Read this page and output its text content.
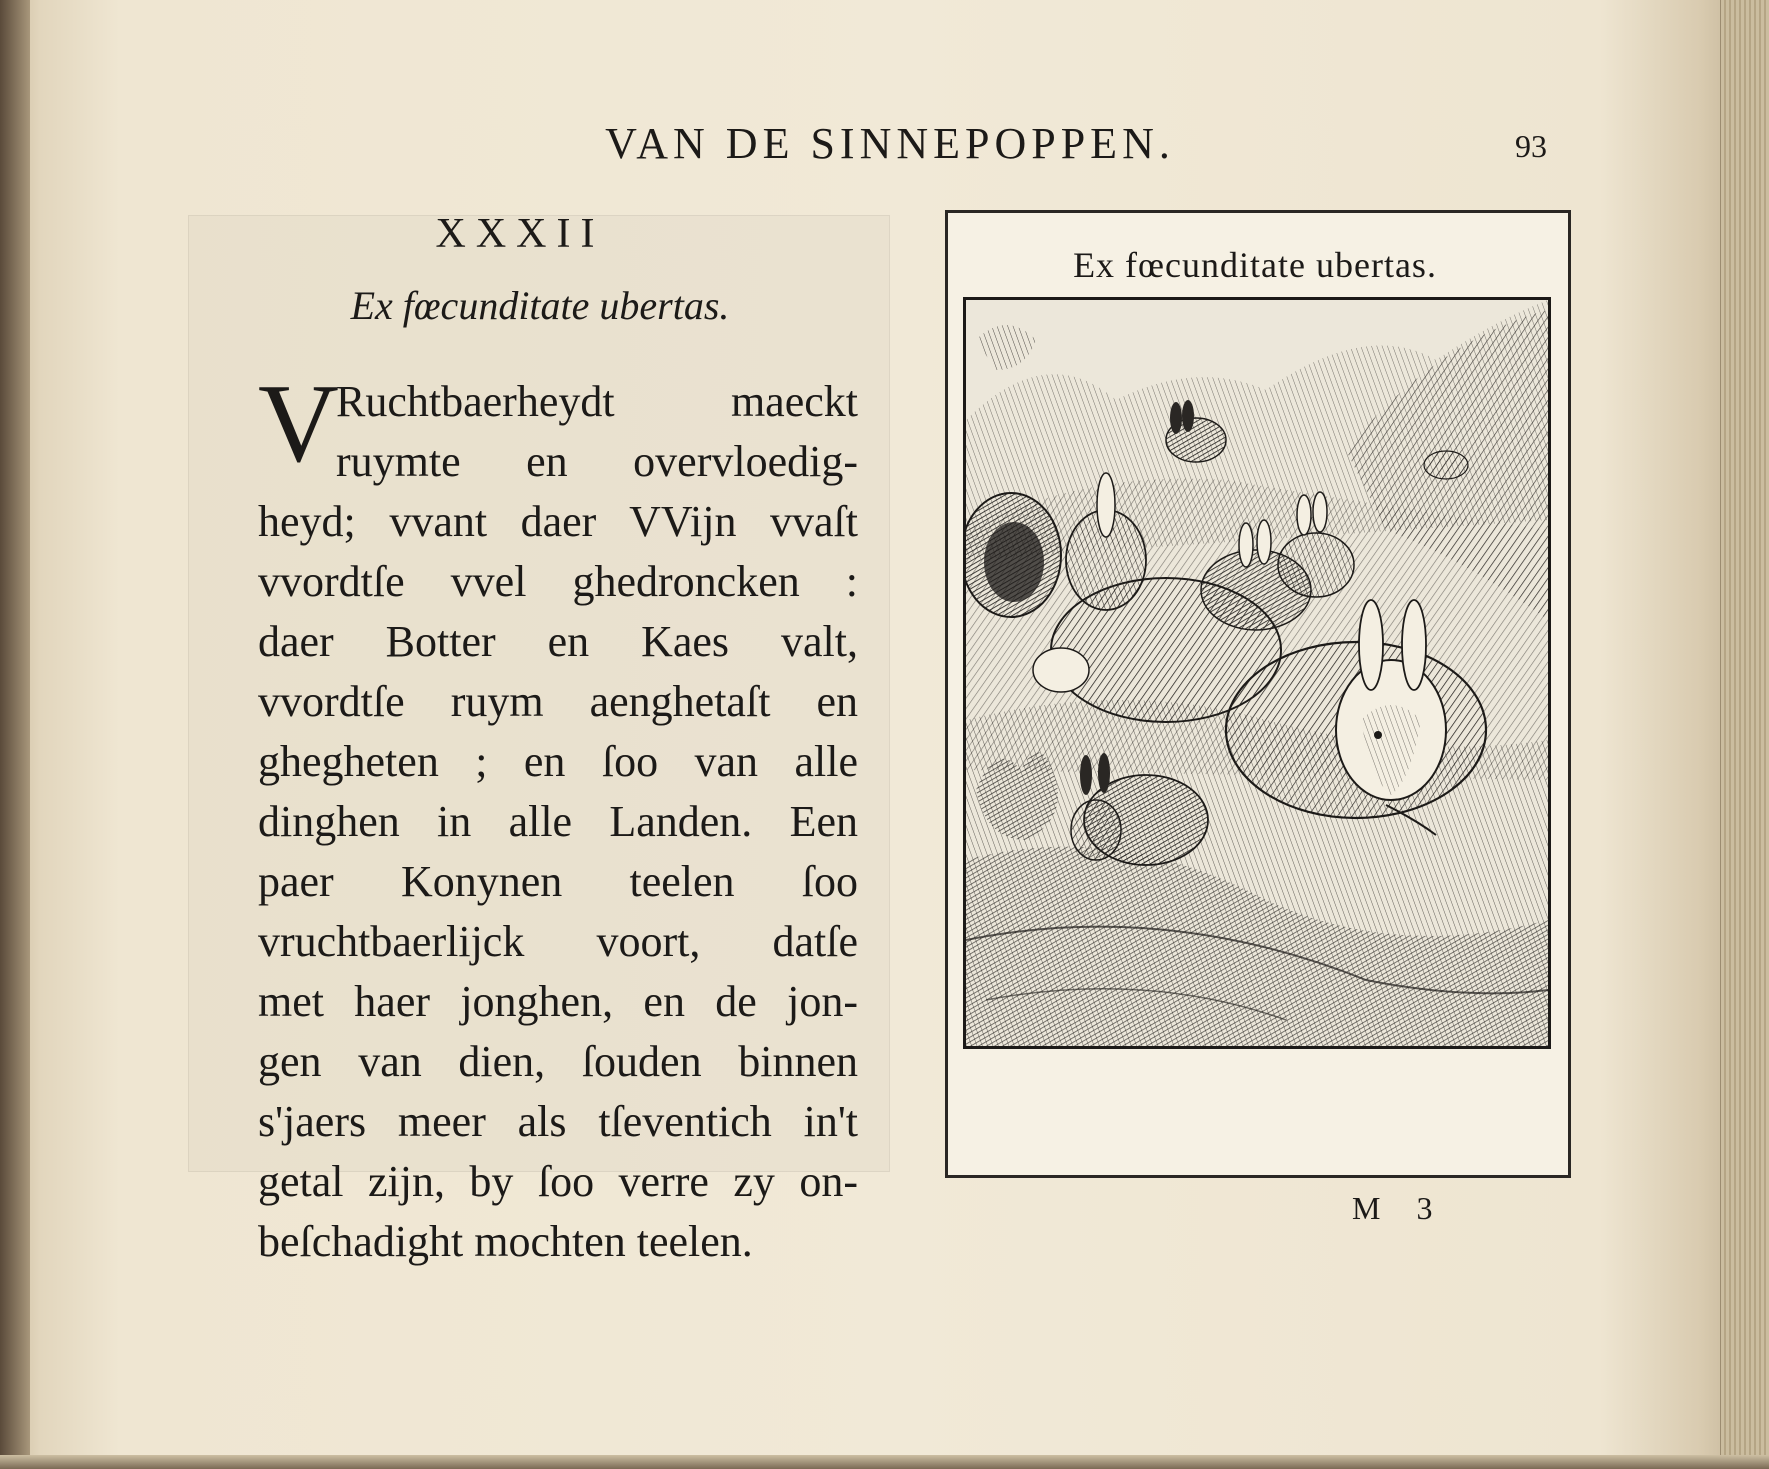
VAN DE SINNEPOPPEN.	93
XXXII
Ex fœcunditate ubertas.
V
Ruchtbaerheydt maeckt
ruymte en overvloedig-
heyd; vvant daer VVijn vvaſt
vvordtſe vvel ghedroncken :
daer Botter en Kaes valt,
vvordtſe ruym aenghetaſt en
ghegheten ; en ſoo van alle
dinghen in alle Landen. Een
paer Konynen teelen ſoo
vruchtbaerlijck voort, datſe
met haer jonghen, en de jon-
gen van dien, ſouden binnen
s'jaers meer als tſeventich in't
getal zijn, by ſoo verre zy on-
beſchadight mochten teelen.
Ex fœcunditate ubertas.
M 3
